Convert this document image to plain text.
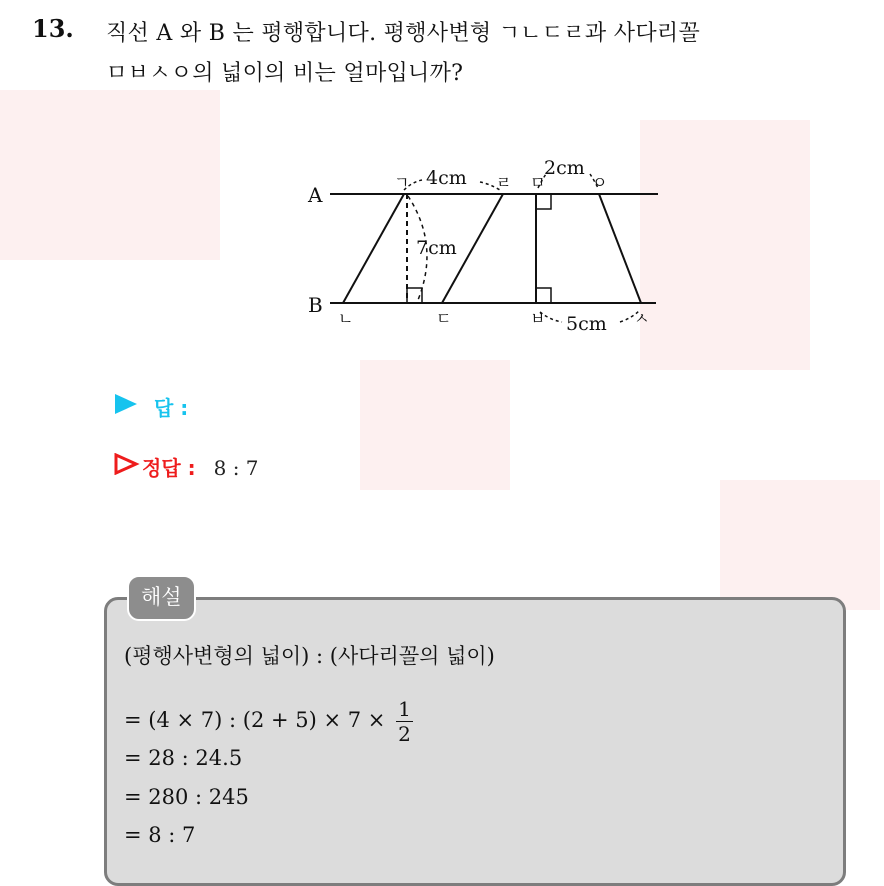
13. 직선 A 와 B 는 평행합니다. 평행사변형 ㄱㄴㄷㄹ과 사다리꼴
ㅁㅂㅅㅇ의 넓이의 비는 얼마입니까?
A
B
ㄱ
ㄴ	ㄷ
ㄹ ㅁ
ㅂ	ㅅ
ㅇ
4cm	2cm
7cm
5cm
답 :
정답 : 8 : 7
해설
(평행사변형의 넓이) : (사다리꼴의 넓이)
= (4 × 7) : $(2 + 5) \times 7 \times \frac{1}{2}$
= 28 : 24.5
= 280 : 245
= 8 : 7
